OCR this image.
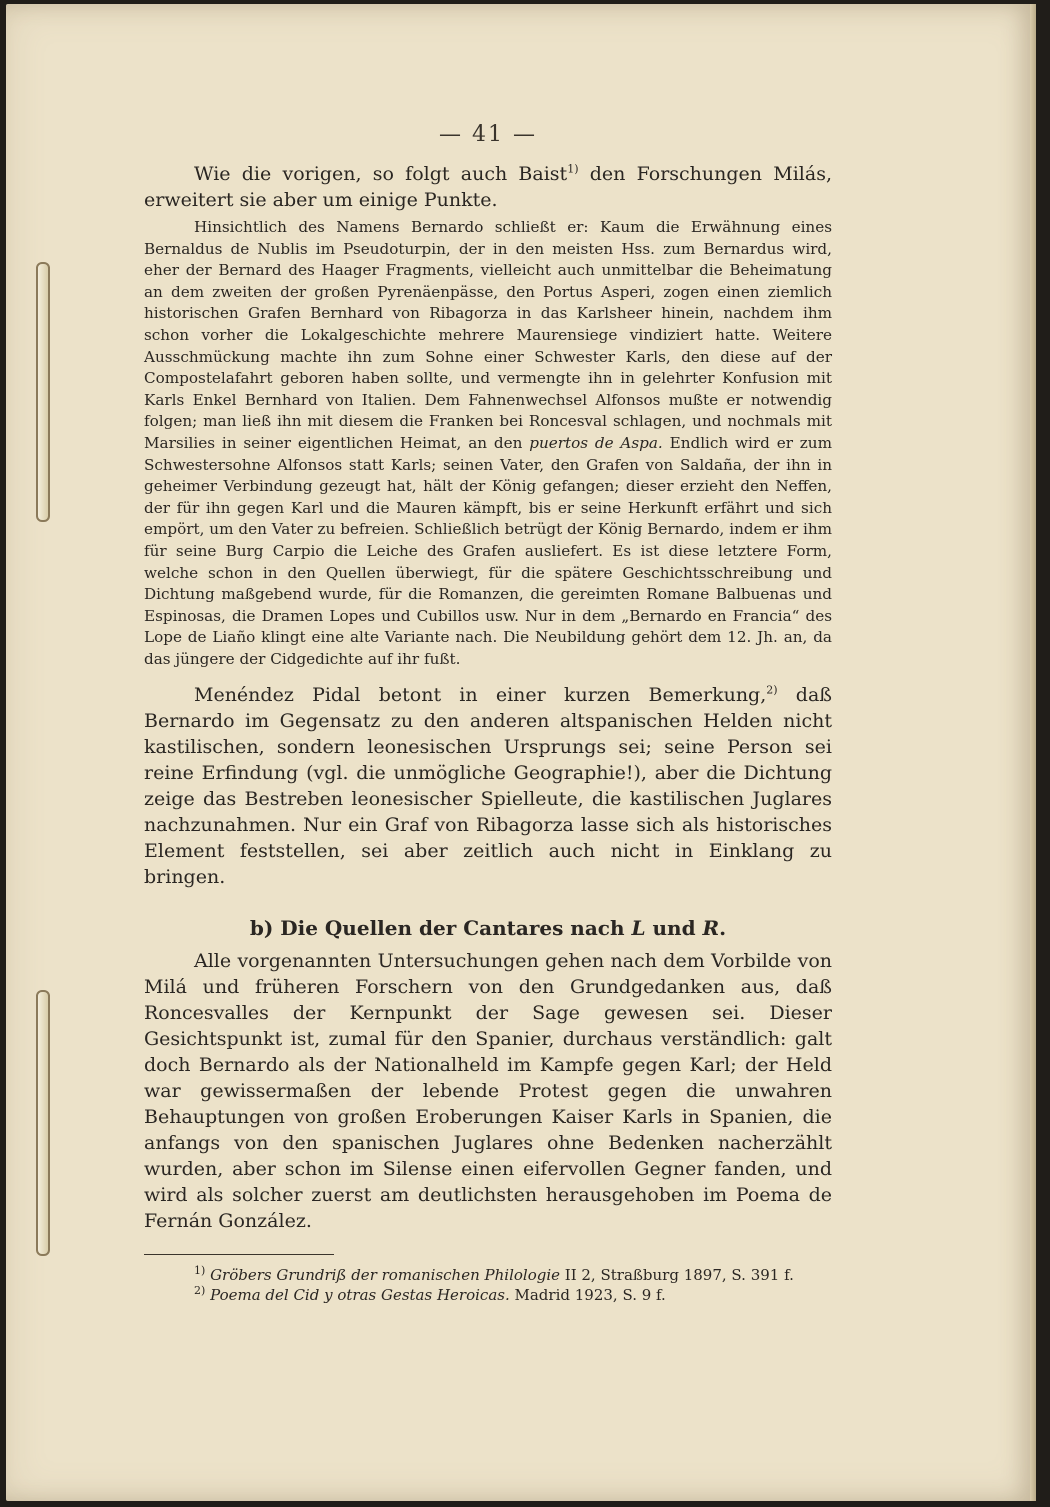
— 41 —

Wie die vorigen, so folgt auch Baist$^{1)}$ den Forschungen Milás, erweitert sie aber um einige Punkte.

Hinsichtlich des Namens Bernardo schließt er: Kaum die Erwähnung eines Bernaldus de Nublis im Pseudoturpin, der in den meisten Hss. zum Bernardus wird, eher der Bernard des Haager Fragments, vielleicht auch unmittelbar die Beheimatung an dem zweiten der großen Pyrenäenpässe, den Portus Asperi, zogen einen ziemlich historischen Grafen Bernhard von Ribagorza in das Karlsheer hinein, nachdem ihm schon vorher die Lokalgeschichte mehrere Maurensiege vindiziert hatte. Weitere Ausschmückung machte ihn zum Sohne einer Schwester Karls, den diese auf der Compostelafahrt geboren haben sollte, und vermengte ihn in gelehrter Konfusion mit Karls Enkel Bernhard von Italien. Dem Fahnenwechsel Alfonsos mußte er notwendig folgen; man ließ ihn mit diesem die Franken bei Roncesval schlagen, und nochmals mit Marsilies in seiner eigentlichen Heimat, an den puertos de Aspa. Endlich wird er zum Schwestersohne Alfonsos statt Karls; seinen Vater, den Grafen von Saldaña, der ihn in geheimer Verbindung gezeugt hat, hält der König gefangen; dieser erzieht den Neffen, der für ihn gegen Karl und die Mauren kämpft, bis er seine Herkunft erfährt und sich empört, um den Vater zu befreien. Schließlich betrügt der König Bernardo, indem er ihm für seine Burg Carpio die Leiche des Grafen ausliefert. Es ist diese letztere Form, welche schon in den Quellen überwiegt, für die spätere Geschichtsschreibung und Dichtung maßgebend wurde, für die Romanzen, die gereimten Romane Balbuenas und Espinosas, die Dramen Lopes und Cubillos usw. Nur in dem „Bernardo en Francia“ des Lope de Liaño klingt eine alte Variante nach. Die Neubildung gehört dem 12. Jh. an, da das jüngere der Cidgedichte auf ihr fußt.

Menéndez Pidal betont in einer kurzen Bemerkung,$^{2)}$ daß Bernardo im Gegensatz zu den anderen altspanischen Helden nicht kastilischen, sondern leonesischen Ursprungs sei; seine Person sei reine Erfindung (vgl. die unmögliche Geographie!), aber die Dichtung zeige das Bestreben leonesischer Spielleute, die kastilischen Juglares nachzunahmen. Nur ein Graf von Ribagorza lasse sich als historisches Element feststellen, sei aber zeitlich auch nicht in Einklang zu bringen.

b) Die Quellen der Cantares nach L und R.

Alle vorgenannten Untersuchungen gehen nach dem Vorbilde von Milá und früheren Forschern von den Grundgedanken aus, daß Roncesvalles der Kernpunkt der Sage gewesen sei. Dieser Gesichtspunkt ist, zumal für den Spanier, durchaus verständlich: galt doch Bernardo als der Nationalheld im Kampfe gegen Karl; der Held war gewissermaßen der lebende Protest gegen die unwahren Behauptungen von großen Eroberungen Kaiser Karls in Spanien, die anfangs von den spanischen Juglares ohne Bedenken nacherzählt wurden, aber schon im Silense einen eifervollen Gegner fanden, und wird als solcher zuerst am deutlichsten herausgehoben im Poema de Fernán González.

$^{1)}$ Gröbers Grundriß der romanischen Philologie II 2, Straßburg 1897, S. 391 f.

$^{2)}$ Poema del Cid y otras Gestas Heroicas. Madrid 1923, S. 9 f.
